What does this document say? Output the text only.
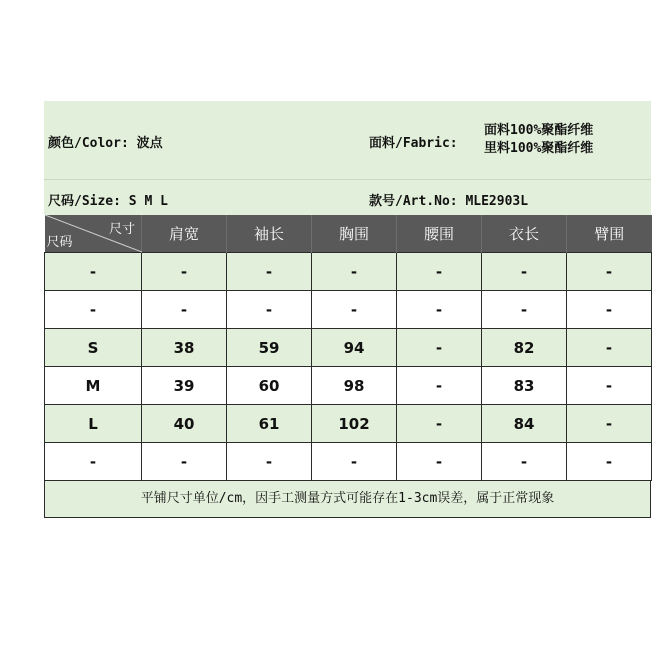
颜色/Color: 波点	面料/Fabric:
面料100%聚酯纤维
里料100%聚酯纤维
尺码/Size: S M L	款号/Art.No: MLE2903L
尺寸
尺码	肩宽	袖长	胸围	腰围	衣长	臂围
-	-	-	-	-	-	-
-	-	-	-	-	-	-
S	38	59	94	-	82	-
M	39	60	98	-	83	-
L	40	61	102	-	84	-
-	-	-	-	-	-	-
平铺尺寸单位/cm，因手工测量方式可能存在1-3cm误差，属于正常现象
